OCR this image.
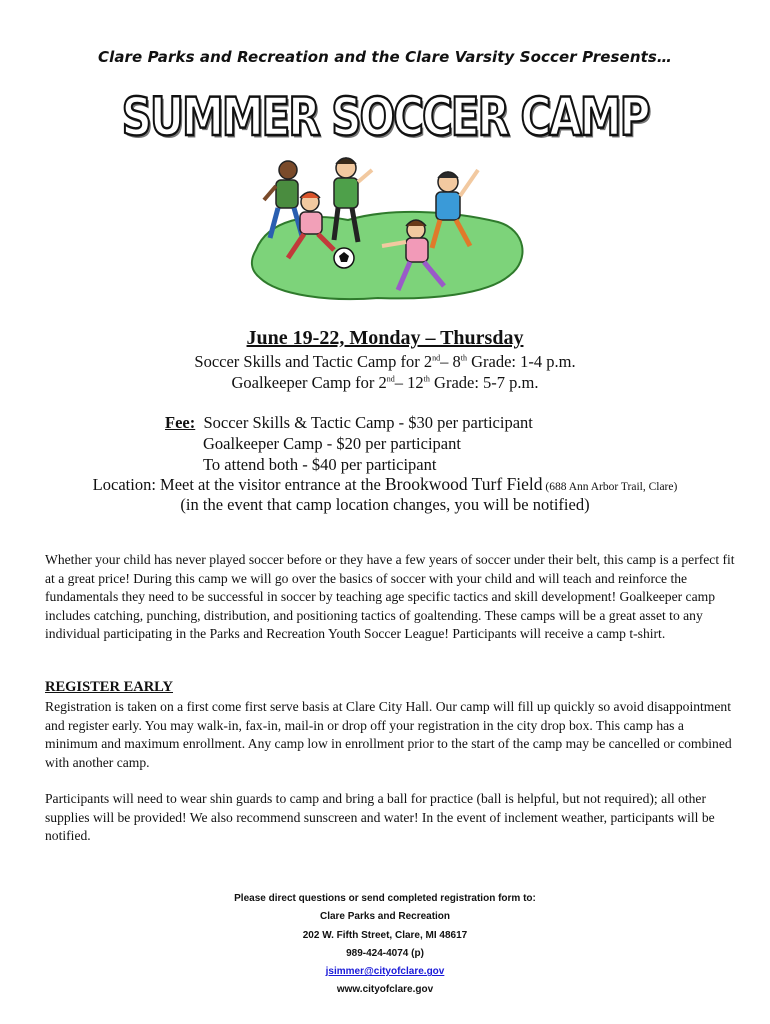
Clare Parks and Recreation and the Clare Varsity Soccer Presents…
SUMMER SOCCER CAMP
June 19-22, Monday – Thursday
Soccer Skills and Tactic Camp for 2nd– 8th Grade: 1-4 p.m.
Goalkeeper Camp for 2nd– 12th Grade: 5-7 p.m.
Fee: Soccer Skills & Tactic Camp - $30 per participant
Goalkeeper Camp - $20 per participant
To attend both - $40 per participant
Location: Meet at the visitor entrance at the Brookwood Turf Field (688 Ann Arbor Trail, Clare)
(in the event that camp location changes, you will be notified)
Whether your child has never played soccer before or they have a few years of soccer under their belt, this camp is a perfect fit at a great price! During this camp we will go over the basics of soccer with your child and will teach and reinforce the fundamentals they need to be successful in soccer by teaching age specific tactics and skill development! Goalkeeper camp includes catching, punching, distribution, and positioning tactics of goaltending. These camps will be a great asset to any individual participating in the Parks and Recreation Youth Soccer League! Participants will receive a camp t-shirt.
REGISTER EARLY
Registration is taken on a first come first serve basis at Clare City Hall. Our camp will fill up quickly so avoid disappointment and register early. You may walk-in, fax-in, mail-in or drop off your registration in the city drop box. This camp has a minimum and maximum enrollment. Any camp low in enrollment prior to the start of the camp may be cancelled or combined with another camp.
Participants will need to wear shin guards to camp and bring a ball for practice (ball is helpful, but not required); all other supplies will be provided! We also recommend sunscreen and water! In the event of inclement weather, participants will be notified.
Please direct questions or send completed registration form to:
Clare Parks and Recreation
202 W. Fifth Street, Clare, MI 48617
989-424-4074 (p)
jsimmer@cityofclare.gov
www.cityofclare.gov
